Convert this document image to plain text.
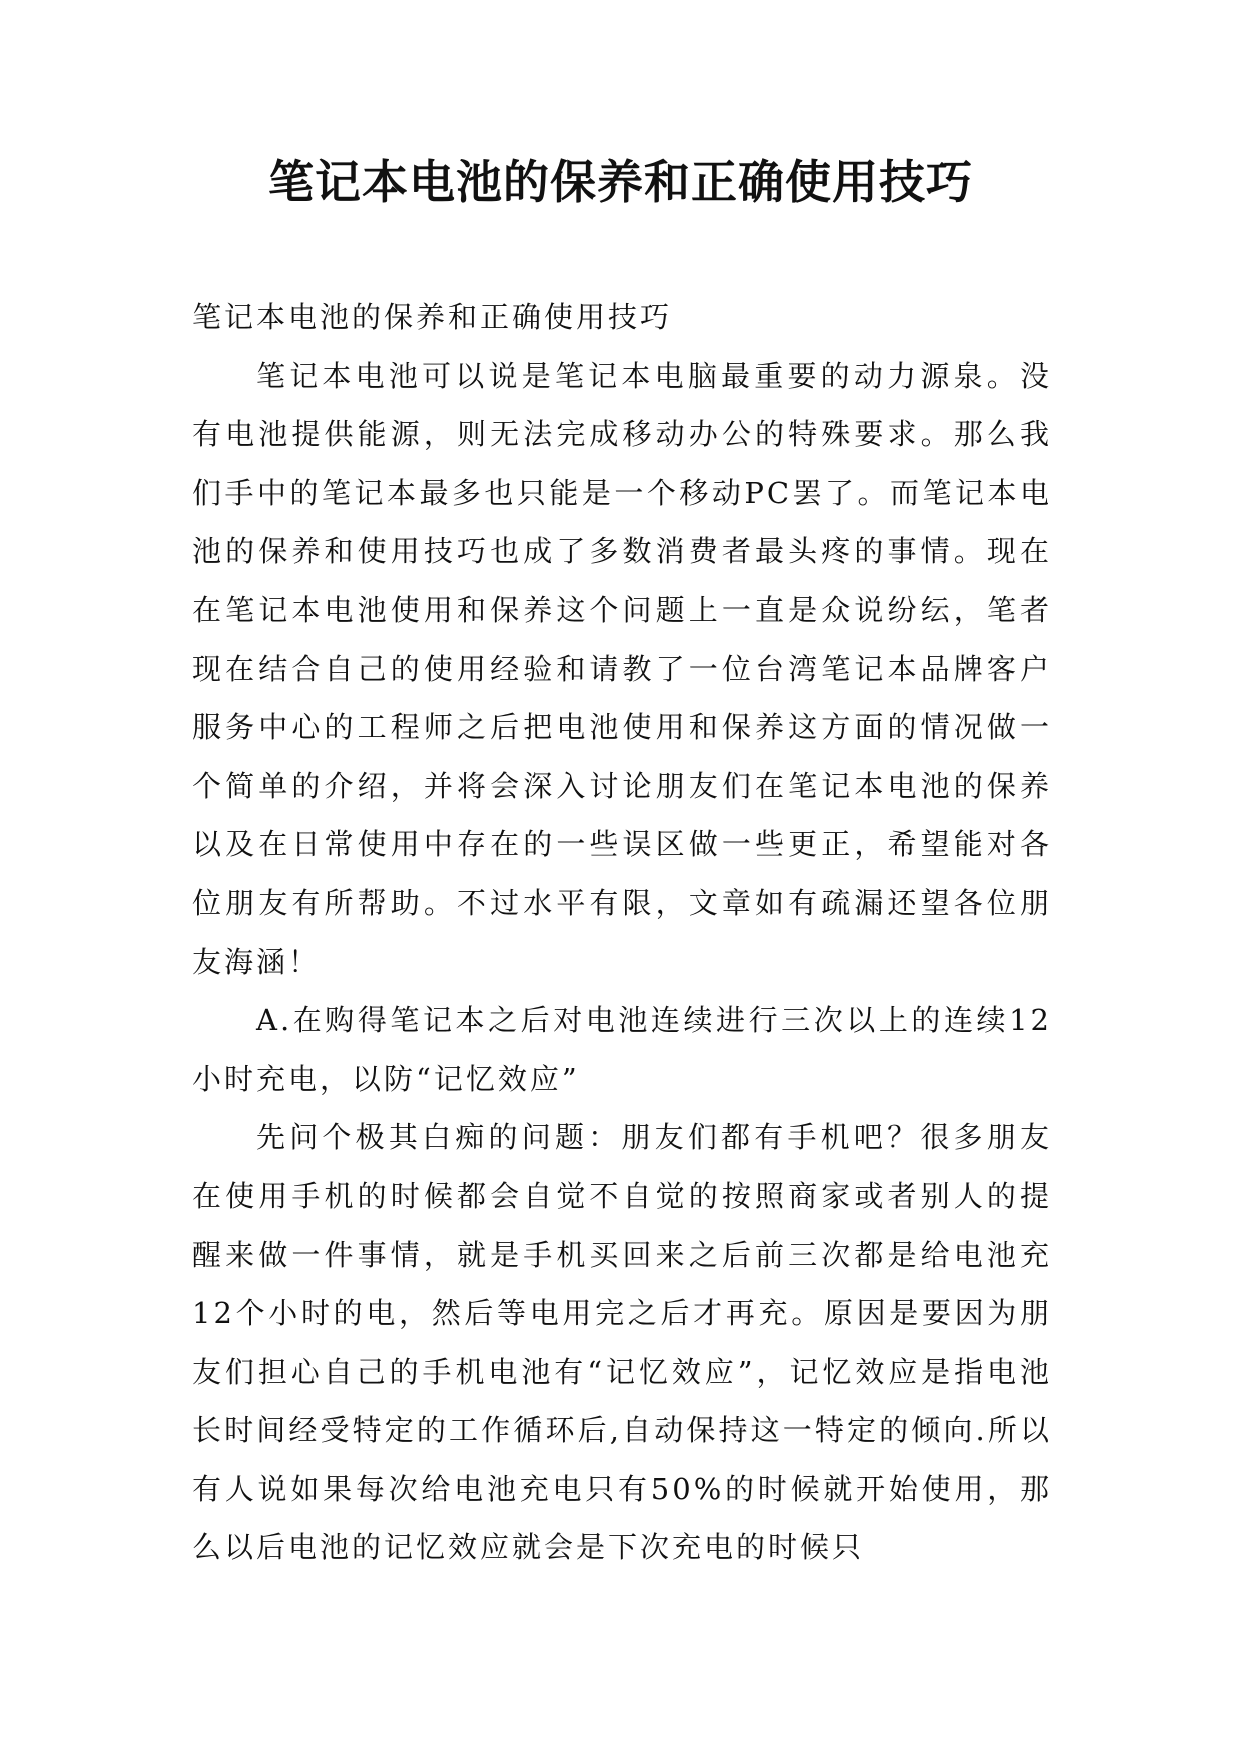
笔记本电池的保养和正确使用技巧

笔记本电池的保养和正确使用技巧

笔记本电池可以说是笔记本电脑最重要的动力源泉。没有电池提供能源，则无法完成移动办公的特殊要求。那么我们手中的笔记本最多也只能是一个移动PC罢了。而笔记本电池的保养和使用技巧也成了多数消费者最头疼的事情。现在在笔记本电池使用和保养这个问题上一直是众说纷纭，笔者现在结合自己的使用经验和请教了一位台湾笔记本品牌客户服务中心的工程师之后把电池使用和保养这方面的情况做一个简单的介绍，并将会深入讨论朋友们在笔记本电池的保养以及在日常使用中存在的一些误区做一些更正，希望能对各位朋友有所帮助。不过水平有限，文章如有疏漏还望各位朋友海涵！

A.在购得笔记本之后对电池连续进行三次以上的连续12小时充电，以防“记忆效应”

先问个极其白痴的问题：朋友们都有手机吧？很多朋友在使用手机的时候都会自觉不自觉的按照商家或者别人的提醒来做一件事情，就是手机买回来之后前三次都是给电池充12个小时的电，然后等电用完之后才再充。原因是要因为朋友们担心自己的手机电池有“记忆效应”，记忆效应是指电池长时间经受特定的工作循环后,自动保持这一特定的倾向.所以有人说如果每次给电池充电只有50%的时候就开始使用，那么以后电池的记忆效应就会是下次充电的时候只
